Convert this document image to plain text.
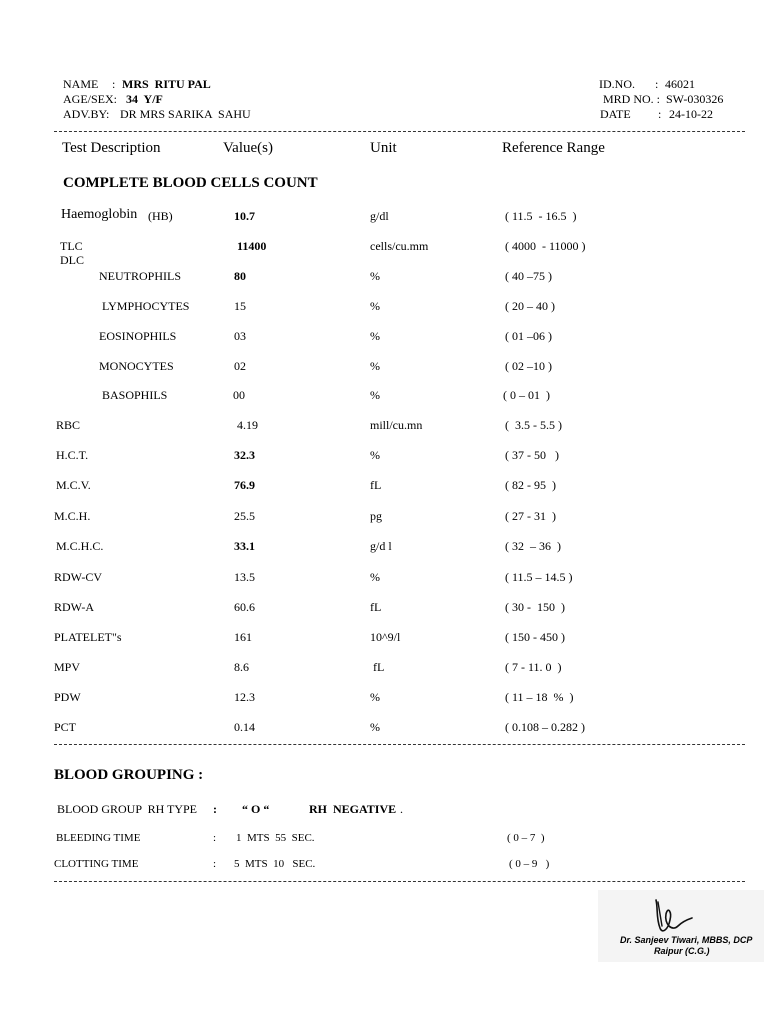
NAME : MRS  RITU PAL
AGE/SEX: 34  Y/F
ADV.BY: DR MRS SARIKA  SAHU
ID.NO. : 46021
MRD NO. : SW-030326
DATE : 24-10-22
Test Description	Value(s)	Unit	Reference Range
COMPLETE BLOOD CELLS COUNT
Haemoglobin (HB)	10.7	g/dl	( 11.5  - 16.5  )
TLC	11400	cells/cu.mm	( 4000  - 11000 )
DLC
NEUTROPHILS	80	%	( 40 –75 )
LYMPHOCYTES	15	%	( 20 – 40 )
EOSINOPHILS	03	%	( 01 –06 )
MONOCYTES	02	%	( 02 –10 )
BASOPHILS	00	%	( 0 – 01  )
RBC	4.19	mill/cu.mn	(  3.5 - 5.5 )
H.C.T.	32.3	%	( 37 - 50   )
M.C.V.	76.9	fL	( 82 - 95  )
M.C.H.	25.5	pg	( 27 - 31  )
M.C.H.C.	33.1	g/d l	( 32  – 36  )
RDW-CV	13.5	%	( 11.5 – 14.5 )
RDW-A	60.6	fL	( 30 -  150  )
PLATELET"s	161	10^9/l	( 150 - 450 )
MPV	8.6	fL	( 7 - 11. 0  )
PDW	12.3	%	( 11 – 18  %  )
PCT	0.14	%	( 0.108 – 0.282 )
BLOOD GROUPING :
BLOOD GROUP  RH TYPE : “ O “	RH  NEGATIVE .
BLEEDING TIME	: 1  MTS  55  SEC.	( 0 – 7  )
CLOTTING TIME	: 5  MTS  10   SEC.	( 0 – 9   )
Dr. Sanjeev Tiwari, MBBS, DCP
Raipur (C.G.)
